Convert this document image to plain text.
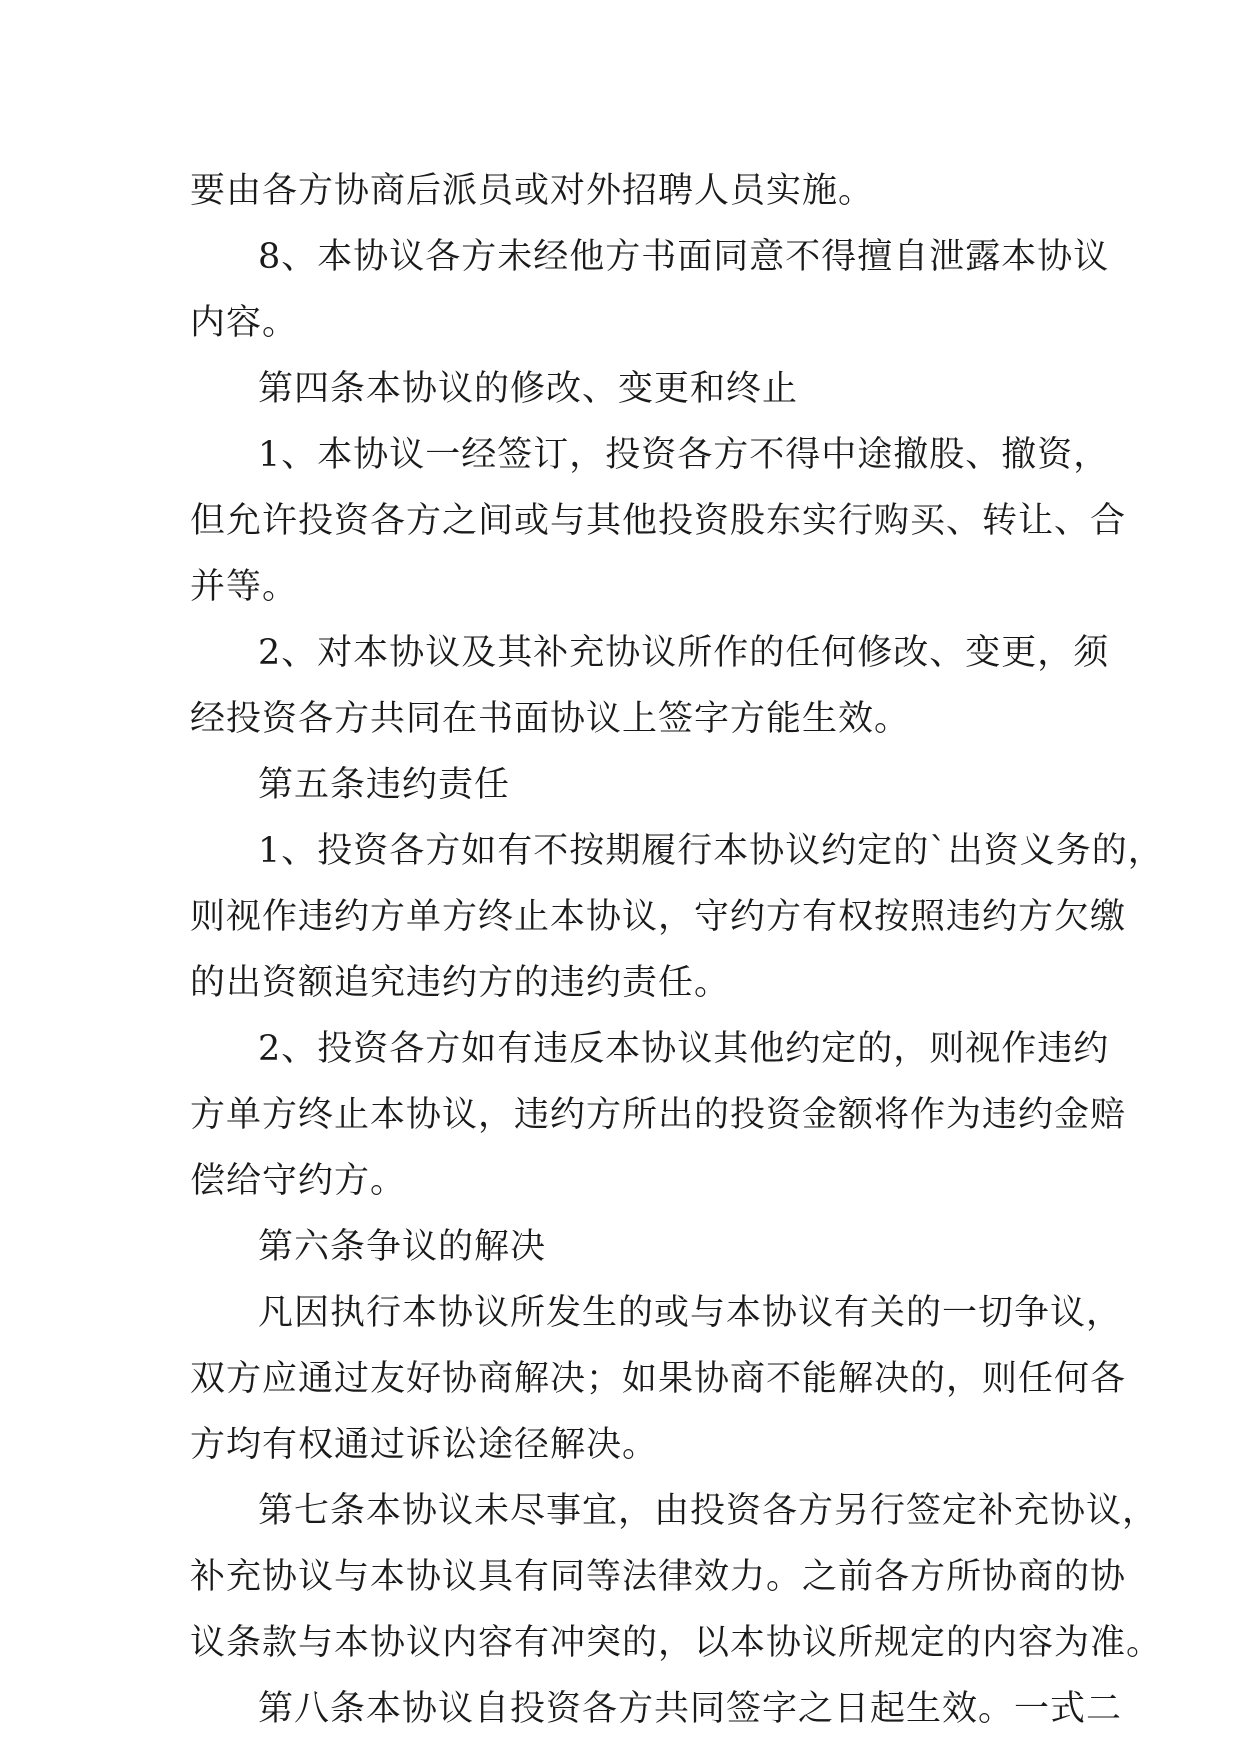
要由各方协商后派员或对外招聘人员实施。
8、本协议各方未经他方书面同意不得擅自泄露本协议
内容。
第四条本协议的修改、变更和终止
1、本协议一经签订，投资各方不得中途撤股、撤资，
但允许投资各方之间或与其他投资股东实行购买、转让、合
并等。
2、对本协议及其补充协议所作的任何修改、变更，须
经投资各方共同在书面协议上签字方能生效。
第五条违约责任
1、投资各方如有不按期履行本协议约定的`出资义务的，
则视作违约方单方终止本协议，守约方有权按照违约方欠缴
的出资额追究违约方的违约责任。
2、投资各方如有违反本协议其他约定的，则视作违约
方单方终止本协议，违约方所出的投资金额将作为违约金赔
偿给守约方。
第六条争议的解决
凡因执行本协议所发生的或与本协议有关的一切争议，
双方应通过友好协商解决；如果协商不能解决的，则任何各
方均有权通过诉讼途径解决。
第七条本协议未尽事宜，由投资各方另行签定补充协议，
补充协议与本协议具有同等法律效力。之前各方所协商的协
议条款与本协议内容有冲突的，以本协议所规定的内容为准。
第八条本协议自投资各方共同签字之日起生效。一式二
